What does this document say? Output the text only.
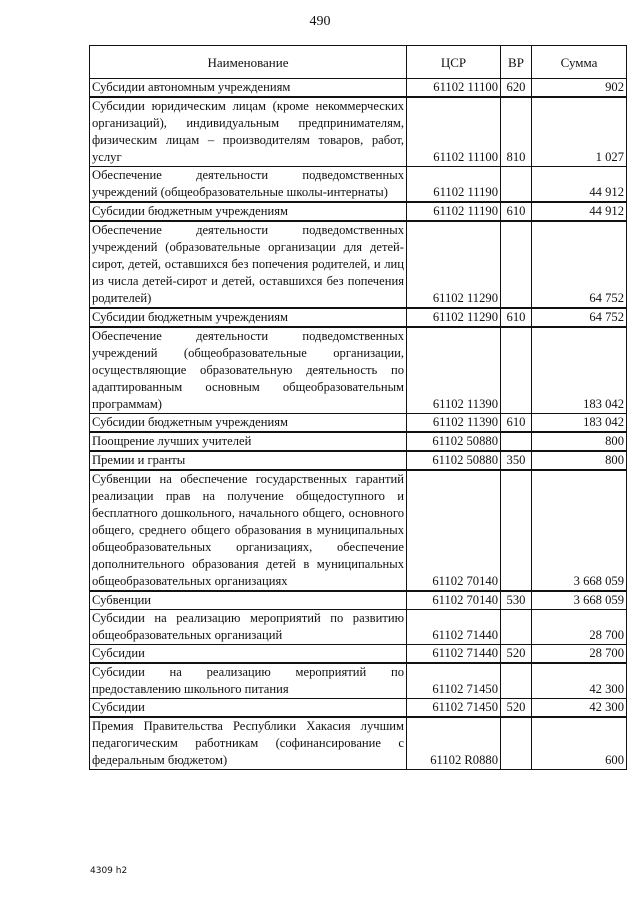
490
Наименование	ЦСР	ВР	Сумма
Субсидии автономным учреждениям	61102 11100	620	902
Субсидии юридическим лицам (кроме некоммерческих организаций), индивидуальным предпринимателям, физическим лицам – производителям товаров, работ, услуг	61102 11100	810	1 027
Обеспечение деятельности подведомственных учреждений (общеобразовательные школы-интернаты)	61102 11190		44 912
Субсидии бюджетным учреждениям	61102 11190	610	44 912
Обеспечение деятельности подведомственных учреждений (образовательные организации для детей-сирот, детей, оставшихся без попечения родителей, и лиц из числа детей-сирот и детей, оставшихся без попечения родителей)	61102 11290		64 752
Субсидии бюджетным учреждениям	61102 11290	610	64 752
Обеспечение деятельности подведомственных учреждений (общеобразовательные организации, осуществляющие образовательную деятельность по адаптированным основным общеобразовательным программам)	61102 11390		183 042
Субсидии бюджетным учреждениям	61102 11390	610	183 042
Поощрение лучших учителей	61102 50880		800
Премии и гранты	61102 50880	350	800
Субвенции на обеспечение государственных гарантий реализации прав на получение общедоступного и бесплатного дошкольного, начального общего, основного общего, среднего общего образования в муниципальных общеобразовательных организациях, обеспечение дополнительного образования детей в муниципальных общеобразовательных организациях	61102 70140		3 668 059
Субвенции	61102 70140	530	3 668 059
Субсидии на реализацию мероприятий по развитию общеобразовательных организаций	61102 71440		28 700
Субсидии	61102 71440	520	28 700
Субсидии на реализацию мероприятий по предоставлению школьного питания	61102 71450		42 300
Субсидии	61102 71450	520	42 300
Премия Правительства Республики Хакасия лучшим педагогическим работникам (софинансирование с федеральным бюджетом)	61102 R0880		600
4309 h2
